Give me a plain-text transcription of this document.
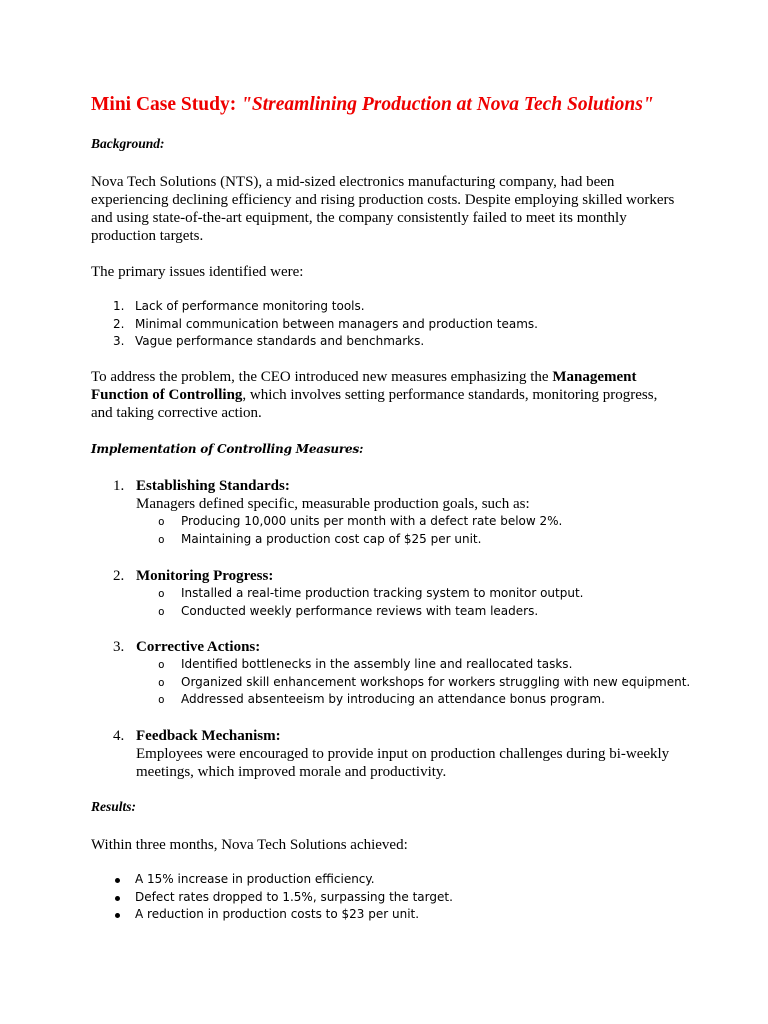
Mini Case Study: "Streamlining Production at Nova Tech Solutions"
Background:

Nova Tech Solutions (NTS), a mid-sized electronics manufacturing company, had been experiencing declining efficiency and rising production costs. Despite employing skilled workers and using state-of-the-art equipment, the company consistently failed to meet its monthly production targets.

The primary issues identified were:

1. Lack of performance monitoring tools.
2. Minimal communication between managers and production teams.
3. Vague performance standards and benchmarks.

To address the problem, the CEO introduced new measures emphasizing the Management Function of Controlling, which involves setting performance standards, monitoring progress, and taking corrective action.

Implementation of Controlling Measures:
1. Establishing Standards:

Managers defined specific, measurable production goals, such as:

o Producing 10,000 units per month with a defect rate below 2%.
o Maintaining a production cost cap of $25 per unit.
2. Monitoring Progress:
o Installed a real-time production tracking system to monitor output.
o Conducted weekly performance reviews with team leaders.
3. Corrective Actions:
o Identified bottlenecks in the assembly line and reallocated tasks.
o Organized skill enhancement workshops for workers struggling with new equipment.
o Addressed absenteeism by introducing an attendance bonus program.
4. Feedback Mechanism:

Employees were encouraged to provide input on production challenges during bi-weekly meetings, which improved morale and productivity.

Results:

Within three months, Nova Tech Solutions achieved:

A 15% increase in production efficiency.
Defect rates dropped to 1.5%, surpassing the target.
A reduction in production costs to $23 per unit.
